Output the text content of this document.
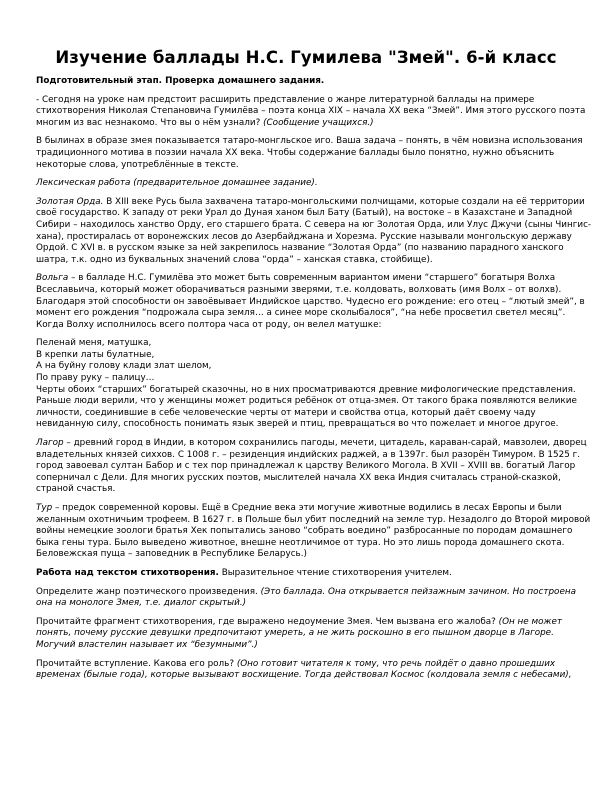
Изучение баллады Н.С. Гумилева "Змей". 6-й класс

Подготовительный этап. Проверка домашнего задания.

- Сегодня на уроке нам предстоит расширить представление о жанре литературной баллады на примере стихотворения Николая Степановича Гумилёва – поэта конца XIX – начала XX века “Змей”. Имя этого русского поэта многим из вас незнакомо. Что вы о нём узнали? (Сообщение учащихся.)

В былинах в образе змея показывается татаро-монгльское иго. Ваша задача – понять, в чём новизна использования традиционного мотива в поэзии начала XX века. Чтобы содержание баллады было понятно, нужно объяснить некоторые слова, употреблённые в тексте.

Лексическая работа (предварительное домашнее задание).

Золотая Орда. В XIII веке Русь была захвачена татаро-монгольскими полчищами, которые создали на её территории своё государство. К западу от реки Урал до Дуная ханом был Бату (Батый), на востоке – в Казахстане и Западной Сибири – находилось ханство Орду, его старшего брата. С севера на юг Золотая Орда, или Улус Джучи (сыны Чингис-хана), простиралась от воронежских лесов до Азербайджана и Хорезма. Русские называли монгольскую державу Ордой. С XVI в. в русском языке за ней закрепилось название “Золотая Орда” (по названию парадного ханского шатра, т.к. одно из буквальных значений слова “орда” – ханская ставка, стойбище).

Вольга – в балладе Н.С. Гумилёва это может быть современным вариантом имени “старшего” богатыря Волха Всеславьича, который может оборачиваться разными зверями, т.е. колдовать, волховать (имя Волх – от волхв). Благодаря этой способности он завоёвывает Индийское царство. Чудесно его рождение: его отец – “лютый змей”, в момент его рождения “подрожала сыра земля… а синее море сколыбалося”, “на небе просветил светел месяц”. Когда Волху исполнилось всего полтора часа от роду, он велел матушке:

Пеленай меня, матушка,
В крепки латы булатные,
А на буйну голову клади злат шелом,
По праву руку – палицу…

Черты обоих “старших” богатырей сказочны, но в них просматриваются древние мифологические представления. Раньше люди верили, что у женщины может родиться ребёнок от отца-змея. От такого брака появляются великие личности, соединившие в себе человеческие черты от матери и свойства отца, который даёт своему чаду невиданную силу, способность понимать язык зверей и птиц, превращаться во что пожелает и многое другое.

Лагор – древний город в Индии, в котором сохранились пагоды, мечети, цитадель, караван-сарай, мавзолеи, дворец владетельных князей сиххов. С 1008 г. – резиденция индийских раджей, а в 1397г. был разорён Тимуром. В 1525 г. город завоевал султан Бабор и с тех пор принадлежал к царству Великого Могола. В XVII – XVIII вв. богатый Лагор соперничал с Дели. Для многих русских поэтов, мыслителей начала XX века Индия считалась страной-сказкой, страной счастья.

Тур – предок современной коровы. Ещё в Средние века эти могучие животные водились в лесах Европы и были желанным охотничьим трофеем. В 1627 г. в Польше был убит последний на земле тур. Незадолго до Второй мировой войны немецкие зоологи братья Хек попытались заново “собрать воедино” разбросанные по породам домашнего быка гены тура. Было выведено животное, внешне неотличимое от тура. Но это лишь порода домашнего скота. Беловежская пуща – заповедник в Республике Беларусь.)

Работа над текстом стихотворения. Выразительное чтение стихотворения учителем.

Определите жанр поэтического произведения. (Это баллада. Она открывается пейзажным зачином. Но построена она на монологе Змея, т.е. диалог скрытый.)

Прочитайте фрагмент стихотворения, где выражено недоумение Змея. Чем вызвана его жалоба? (Он не может понять, почему русские девушки предпочитают умереть, а не жить роскошно в его пышном дворце в Лагоре. Могучий властелин называет их “безумными”.)

Прочитайте вступление. Какова его роль? (Оно готовит читателя к тому, что речь пойдёт о давно прошедших временах (былые года), которые вызывают восхищение. Тогда действовал Космос (колдовала земля с небесами),
